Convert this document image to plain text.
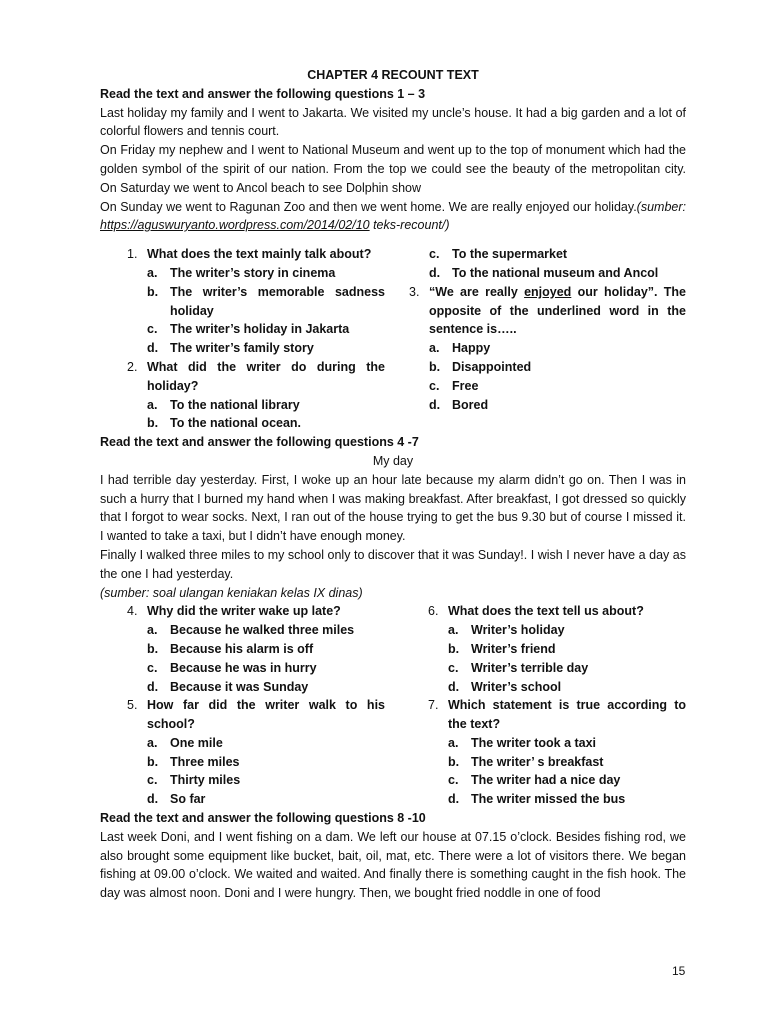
CHAPTER 4 RECOUNT TEXT

Read the text and answer the following questions 1 – 3

Last holiday my family and I went to Jakarta. We visited my uncle’s house. It had a big garden and a lot of colorful flowers and tennis court.

On Friday my nephew and I went to National Museum and went up to the top of monument which had the golden symbol of the spirit of our nation. From the top we could see the beauty of the metropolitan city. On Saturday we went to Ancol beach to see Dolphin show

On Sunday we went to Ragunan Zoo and then we went home. We are really enjoyed our holiday.(sumber: https://aguswuryanto.wordpress.com/2014/02/10 teks-recount/)

1. What does the text mainly talk about?
a.	The writer’s story in cinema
b. The writer’s memorable sadness holiday
c.	The writer’s holiday in Jakarta
d. The writer’s family story
2. What did the writer do during the holiday?
a.	To the national library
b. To the national ocean.
c.	To the supermarket
d. To the national museum and Ancol
3. “We are really enjoyed our holiday”. The opposite of the underlined word in the sentence is…..
a.	Happy
b. Disappointed
c.	Free
d. Bored

Read the text and answer the following questions 4 -7

My day

I had terrible day yesterday. First, I woke up an hour late because my alarm didn’t go on. Then I was in such a hurry that I burned my hand when I was making breakfast. After breakfast, I got dressed so quickly that I forgot to wear socks. Next, I ran out of the house trying to get the bus 9.30 but of course I missed it. I wanted to take a taxi, but I didn’t have enough money.

Finally I walked three miles to my school only to discover that it was Sunday!. I wish I never have a day as the one I had yesterday.

(sumber: soal ulangan keniakan kelas IX dinas)

4. Why did the writer wake up late?
a.	Because he walked three miles
b. Because his alarm is off
c.	Because he was in hurry
d. Because it was Sunday
5. How far did the writer walk to his school?
a.	One mile
b. Three miles
c.	Thirty miles
d. So far
6. What does the text tell us about?
a.	Writer’s holiday
b. Writer’s friend
c.	Writer’s terrible day
d. Writer’s school
7. Which statement is true according to the text?
a.	The writer took a taxi
b. The writer’ s breakfast
c.	The writer had a nice day
d. The writer missed the bus

Read the text and answer the following questions 8 -10

Last week Doni, and I went fishing on a dam. We left our house at 07.15 o’clock. Besides fishing rod, we also brought some equipment like bucket, bait, oil, mat, etc. There were a lot of visitors there. We began fishing at 09.00 o’clock. We waited and waited. And finally there is something caught in the fish hook. The day was almost noon. Doni and I were hungry. Then, we bought fried noddle in one of food

15
